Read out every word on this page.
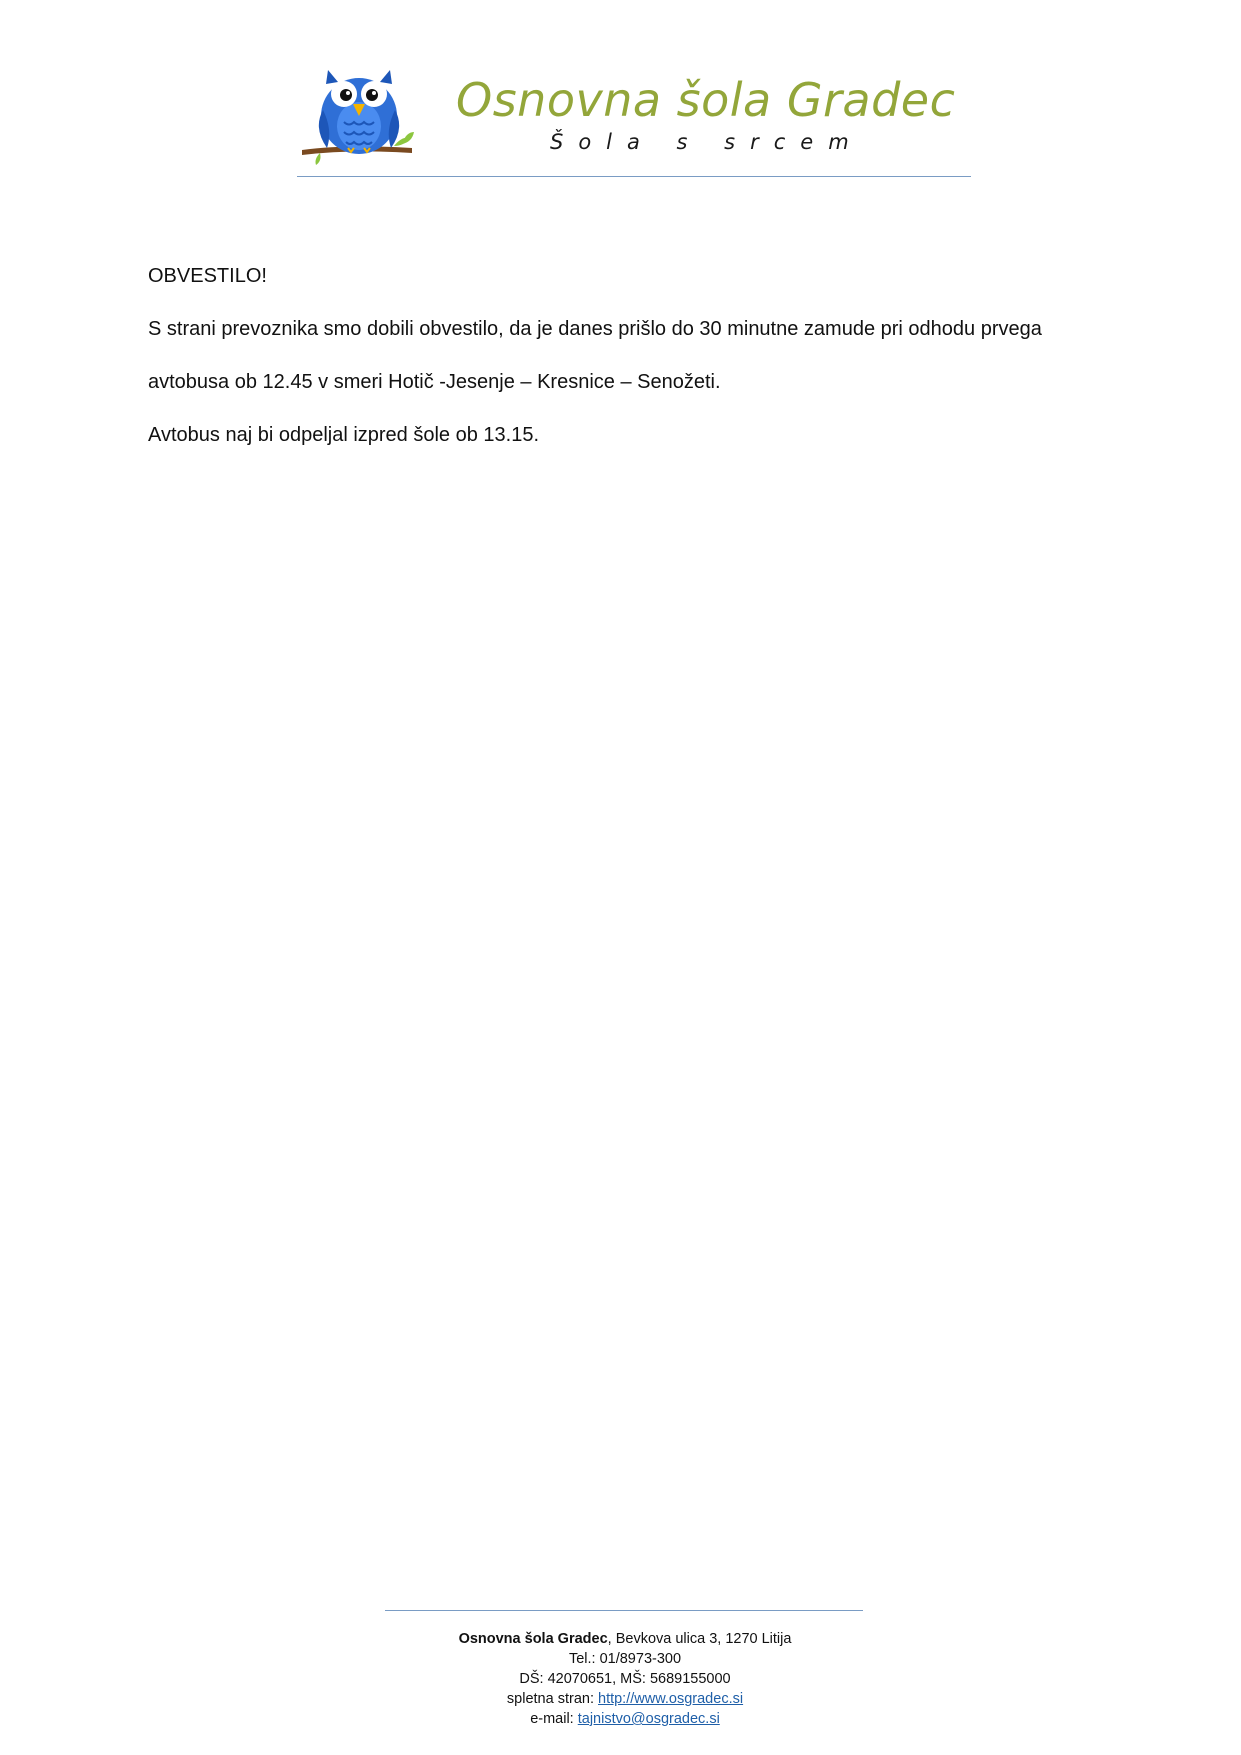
Osnovna šola Gradec
Šola s srcem
OBVESTILO!
S strani prevoznika smo dobili obvestilo, da je danes prišlo do 30 minutne zamude pri odhodu prvega
avtobusa ob 12.45 v smeri Hotič -Jesenje – Kresnice – Senožeti.
Avtobus naj bi odpeljal izpred šole ob 13.15.
Osnovna šola Gradec, Bevkova ulica 3, 1270 Litija
Tel.: 01/8973-300
DŠ: 42070651, MŠ: 5689155000
spletna stran: http://www.osgradec.si
e-mail: tajnistvo@osgradec.si
